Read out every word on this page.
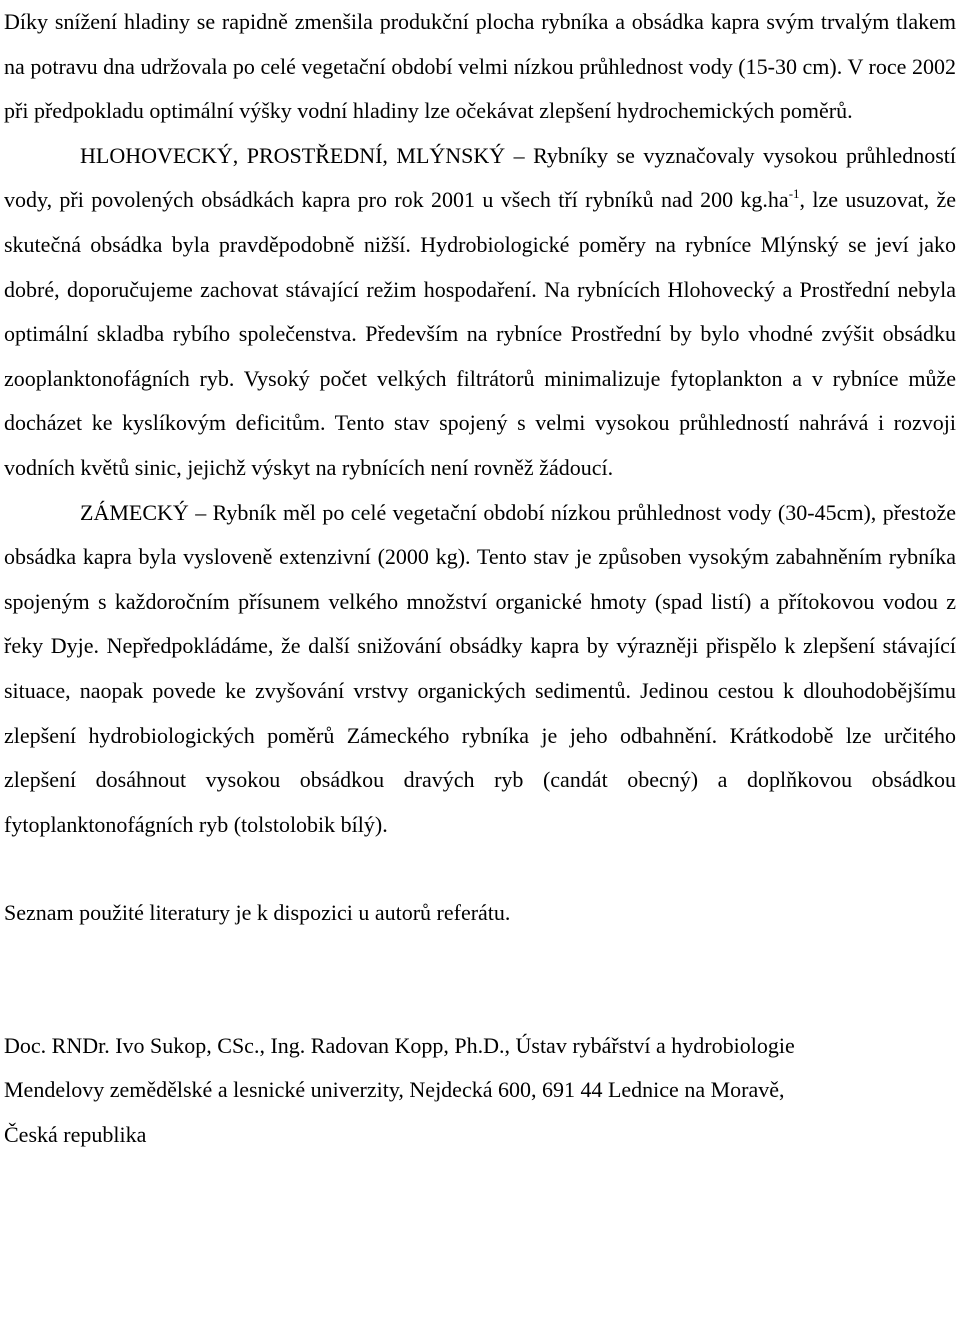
Díky snížení hladiny se rapidně zmenšila produkční plocha rybníka a obsádka kapra svým trvalým tlakem na potravu dna udržovala po celé vegetační období velmi nízkou průhlednost vody (15-30 cm). V roce 2002 při předpokladu optimální výšky vodní hladiny lze očekávat zlepšení hydrochemických poměrů.

HLOHOVECKÝ, PROSTŘEDNÍ, MLÝNSKÝ – Rybníky se vyznačovaly vysokou průhledností vody, při povolených obsádkách kapra pro rok 2001 u všech tří rybníků nad 200 $kg.ha^{-1}$, lze usuzovat, že skutečná obsádka byla pravděpodobně nižší. Hydrobiologické poměry na rybníce Mlýnský se jeví jako dobré, doporučujeme zachovat stávající režim hospodaření. Na rybnících Hlohovecký a Prostřední nebyla optimální skladba rybího společenstva. Především na rybníce Prostřední by bylo vhodné zvýšit obsádku zooplanktonofágních ryb. Vysoký počet velkých filtrátorů minimalizuje fytoplankton a v rybníce může docházet ke kyslíkovým deficitům. Tento stav spojený s velmi vysokou průhledností nahrává i rozvoji vodních květů sinic, jejichž výskyt na rybnících není rovněž žádoucí.

ZÁMECKÝ – Rybník měl po celé vegetační období nízkou průhlednost vody (30-45cm), přestože obsádka kapra byla vysloveně extenzivní (2000 kg). Tento stav je způsoben vysokým zabahněním rybníka spojeným s každoročním přísunem velkého množství organické hmoty (spad listí) a přítokovou vodou z řeky Dyje. Nepředpokládáme, že další snižování obsádky kapra by výrazněji přispělo k zlepšení stávající situace, naopak povede ke zvyšování vrstvy organických sedimentů. Jedinou cestou k dlouhodobějšímu zlepšení hydrobiologických poměrů Zámeckého rybníka je jeho odbahnění. Krátkodobě lze určitého zlepšení dosáhnout vysokou obsádkou dravých ryb (candát obecný) a doplňkovou obsádkou fytoplanktonofágních ryb (tolstolobik bílý).

Seznam použité literatury je k dispozici u autorů referátu.

Doc. RNDr. Ivo Sukop, CSc., Ing. Radovan Kopp, Ph.D., Ústav rybářství a hydrobiologie
Mendelovy zemědělské a lesnické univerzity, Nejdecká 600, 691 44 Lednice na Moravě,
Česká republika
